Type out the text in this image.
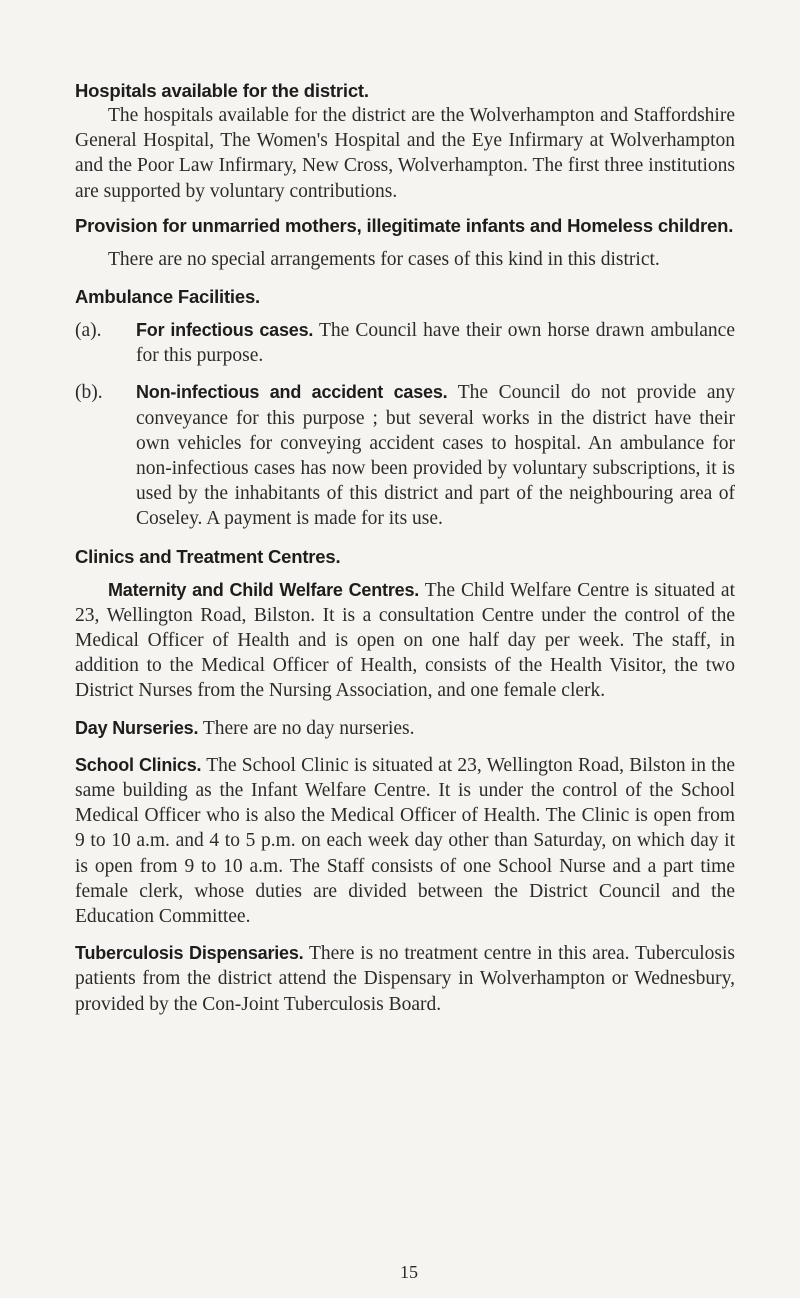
Hospitals available for the district.

The hospitals available for the district are the Wolverhampton and Staffordshire General Hospital, The Women's Hospital and the Eye Infirmary at Wolverhampton and the Poor Law Infirmary, New Cross, Wolverhampton. The first three institutions are supported by voluntary contributions.

Provision for unmarried mothers, illegitimate infants and Homeless children.

There are no special arrangements for cases of this kind in this district.

Ambulance Facilities.
(a).	For infectious cases. The Council have their own horse drawn ambulance for this purpose.
(b).	Non-infectious and accident cases. The Council do not provide any conveyance for this purpose ; but several works in the district have their own vehicles for conveying accident cases to hospital. An ambulance for non-infectious cases has now been provided by voluntary subscriptions, it is used by the inhabitants of this district and part of the neighbouring area of Coseley. A payment is made for its use.
Clinics and Treatment Centres.

Maternity and Child Welfare Centres. The Child Welfare Centre is situated at 23, Wellington Road, Bilston. It is a consultation Centre under the control of the Medical Officer of Health and is open on one half day per week. The staff, in addition to the Medical Officer of Health, consists of the Health Visitor, the two District Nurses from the Nursing Association, and one female clerk.

Day Nurseries. There are no day nurseries.

School Clinics. The School Clinic is situated at 23, Wellington Road, Bilston in the same building as the Infant Welfare Centre. It is under the control of the School Medical Officer who is also the Medical Officer of Health. The Clinic is open from 9 to 10 a.m. and 4 to 5 p.m. on each week day other than Saturday, on which day it is open from 9 to 10 a.m. The Staff consists of one School Nurse and a part time female clerk, whose duties are divided between the District Council and the Education Committee.

Tuberculosis Dispensaries. There is no treatment centre in this area. Tuberculosis patients from the district attend the Dispensary in Wolverhampton or Wednesbury, provided by the Con-Joint Tuberculosis Board.

15
